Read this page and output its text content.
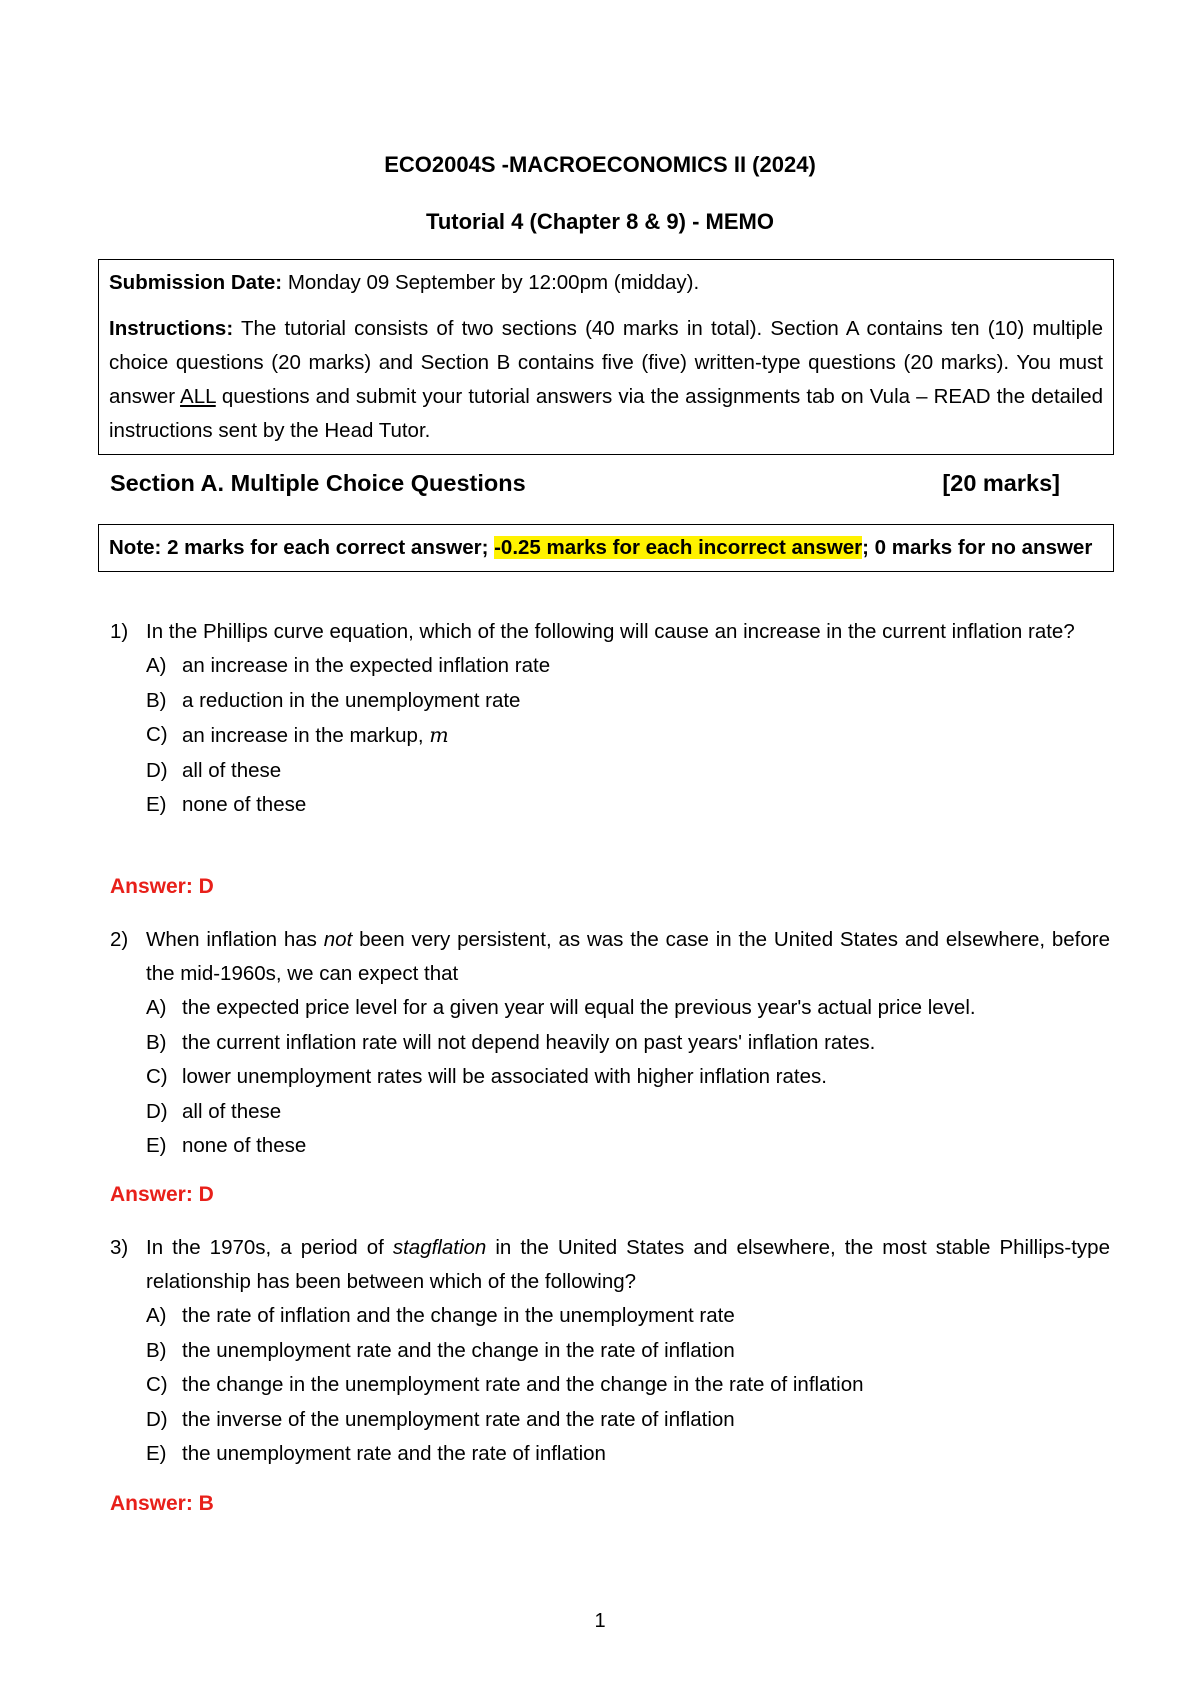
ECO2004S -MACROECONOMICS II (2024)
Tutorial 4 (Chapter 8 & 9) - MEMO
Submission Date: Monday 09 September by 12:00pm (midday).
Instructions: The tutorial consists of two sections (40 marks in total). Section A contains ten (10) multiple choice questions (20 marks) and Section B contains five (five) written-type questions (20 marks). You must answer ALL questions and submit your tutorial answers via the assignments tab on Vula – READ the detailed instructions sent by the Head Tutor.
Section A. Multiple Choice Questions	[20 marks]
Note: 2 marks for each correct answer; -0.25 marks for each incorrect answer; 0 marks for no answer
1) In the Phillips curve equation, which of the following will cause an increase in the current inflation rate?
A) an increase in the expected inflation rate
B) a reduction in the unemployment rate
C) an increase in the markup, m
D) all of these
E) none of these
Answer: D
2) When inflation has not been very persistent, as was the case in the United States and elsewhere, before the mid-1960s, we can expect that
A) the expected price level for a given year will equal the previous year's actual price level.
B) the current inflation rate will not depend heavily on past years' inflation rates.
C) lower unemployment rates will be associated with higher inflation rates.
D) all of these
E) none of these
Answer: D
3) In the 1970s, a period of stagflation in the United States and elsewhere, the most stable Phillips-type relationship has been between which of the following?
A) the rate of inflation and the change in the unemployment rate
B) the unemployment rate and the change in the rate of inflation
C) the change in the unemployment rate and the change in the rate of inflation
D) the inverse of the unemployment rate and the rate of inflation
E) the unemployment rate and the rate of inflation
Answer: B
1
